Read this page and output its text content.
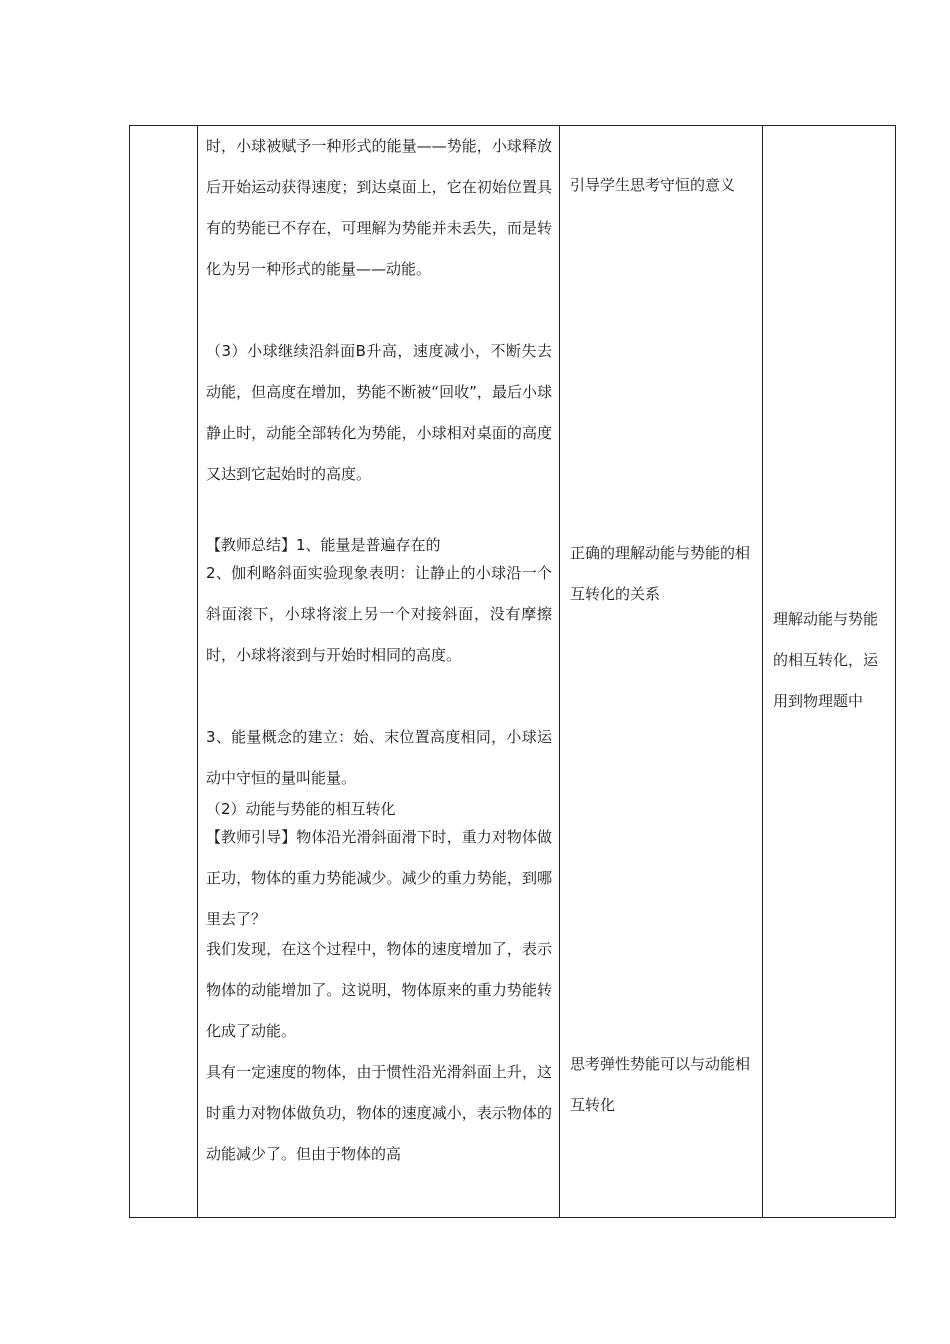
时，小球被赋予一种形式的能量——势能，小球释放后开始运动获得速度；到达桌面上，它在初始位置具有的势能已不存在，可理解为势能并未丢失，而是转化为另一种形式的能量——动能。

（3）小球继续沿斜面B升高，速度减小，不断失去动能，但高度在增加，势能不断被“回收”，最后小球静止时，动能全部转化为势能，小球相对桌面的高度又达到它起始时的高度。

【教师总结】1、能量是普遍存在的

2、伽利略斜面实验现象表明：让静止的小球沿一个斜面滚下，小球将滚上另一个对接斜面，没有摩擦时，小球将滚到与开始时相同的高度。

3、能量概念的建立：始、末位置高度相同，小球运动中守恒的量叫能量。

（2）动能与势能的相互转化

【教师引导】物体沿光滑斜面滑下时，重力对物体做正功，物体的重力势能减少。减少的重力势能，到哪里去了？

我们发现，在这个过程中，物体的速度增加了，表示物体的动能增加了。这说明，物体原来的重力势能转化成了动能。

具有一定速度的物体，由于惯性沿光滑斜面上升，这时重力对物体做负功，物体的速度减小，表示物体的动能减少了。但由于物体的高

引导学生思考守恒的意义

正确的理解动能与势能的相互转化的关系

思考弹性势能可以与动能相互转化

理解动能与势能的相互转化，运用到物理题中
